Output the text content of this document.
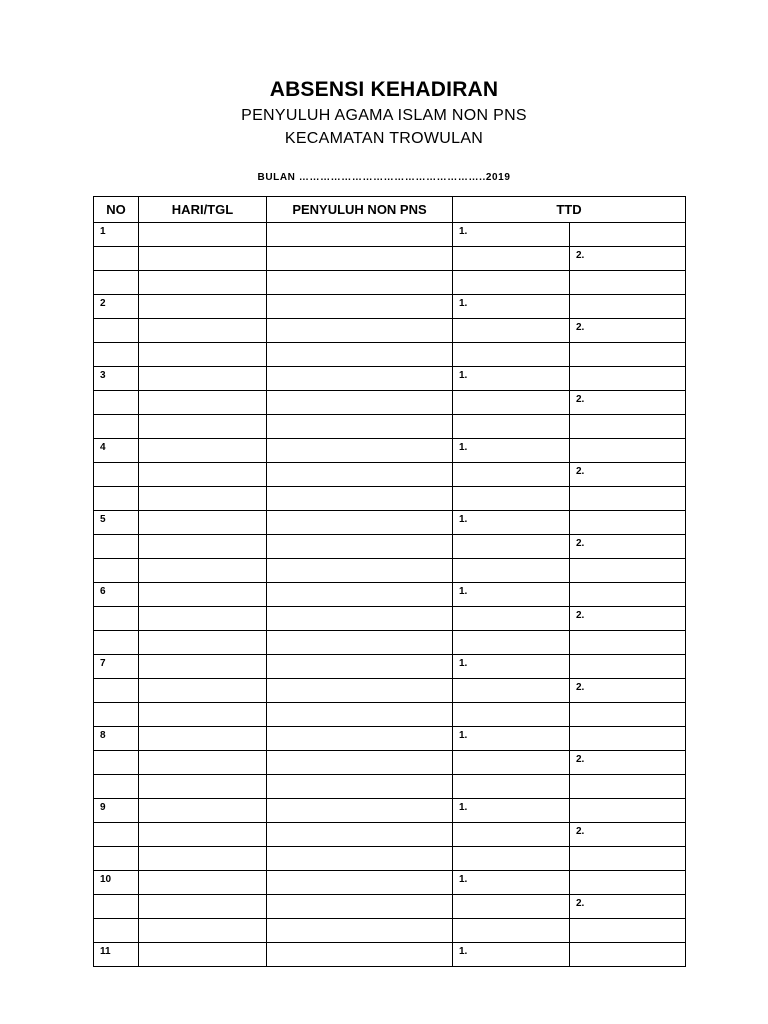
ABSENSI KEHADIRAN
PENYULUH AGAMA ISLAM NON PNS
KECAMATAN TROWULAN
BULAN ……………………………………………..2019
NO	HARI/TGL	PENYULUH NON PNS	TTD	
1			1.	
				2.

2			1.	
				2.

3			1.	
				2.

4			1.	
				2.

5			1.	
				2.

6			1.	
				2.

7			1.	
				2.

8			1.	
				2.

9			1.	
				2.

10			1.	
				2.

11			1.	
